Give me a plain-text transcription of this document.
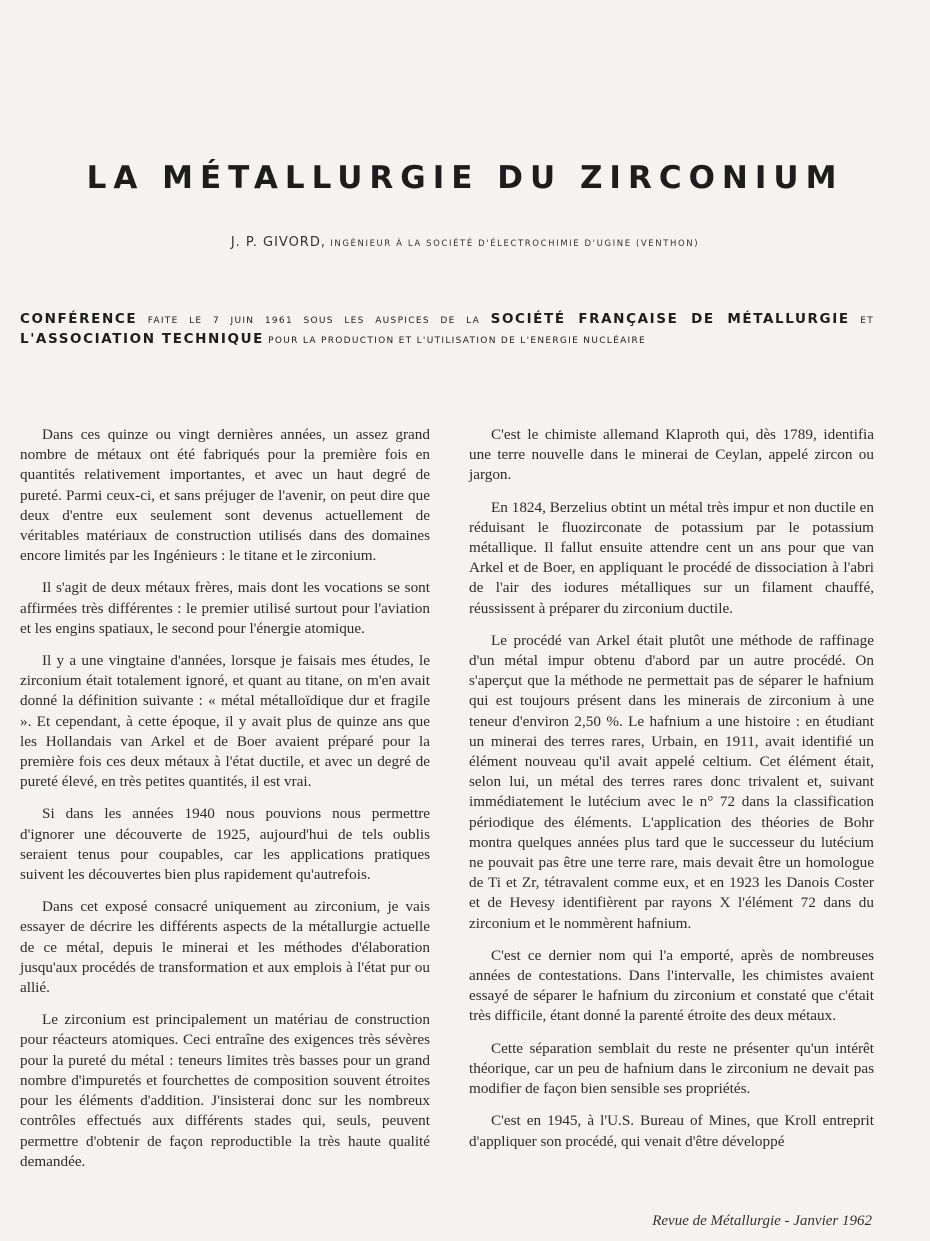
LA MÉTALLURGIE DU ZIRCONIUM
J. P. GIVORD, INGÉNIEUR À LA SOCIÉTÉ D'ÉLECTROCHIMIE D'UGINE (VENTHON)
CONFÉRENCE FAITE LE 7 JUIN 1961 SOUS LES AUSPICES DE LA SOCIÉTÉ FRANÇAISE DE MÉTALLURGIE ET L'ASSOCIATION TECHNIQUE POUR LA PRODUCTION ET L'UTILISATION DE L'ENERGIE NUCLÉAIRE

Dans ces quinze ou vingt dernières années, un assez grand nombre de métaux ont été fabriqués pour la première fois en quantités relativement importantes, et avec un haut degré de pureté. Parmi ceux-ci, et sans préjuger de l'avenir, on peut dire que deux d'entre eux seulement sont devenus actuellement de véritables matériaux de construction utilisés dans des domaines encore limités par les Ingénieurs : le titane et le zirconium.

Il s'agit de deux métaux frères, mais dont les vocations se sont affirmées très différentes : le premier utilisé surtout pour l'aviation et les engins spatiaux, le second pour l'énergie atomique.

Il y a une vingtaine d'années, lorsque je faisais mes études, le zirconium était totalement ignoré, et quant au titane, on m'en avait donné la définition suivante : « métal métalloïdique dur et fragile ». Et cependant, à cette époque, il y avait plus de quinze ans que les Hollandais van Arkel et de Boer avaient préparé pour la première fois ces deux métaux à l'état ductile, et avec un degré de pureté élevé, en très petites quantités, il est vrai.

Si dans les années 1940 nous pouvions nous permettre d'ignorer une découverte de 1925, aujourd'hui de tels oublis seraient tenus pour coupables, car les applications pratiques suivent les découvertes bien plus rapidement qu'autrefois.

Dans cet exposé consacré uniquement au zirconium, je vais essayer de décrire les différents aspects de la métallurgie actuelle de ce métal, depuis le minerai et les méthodes d'élaboration jusqu'aux procédés de transformation et aux emplois à l'état pur ou allié.

Le zirconium est principalement un matériau de construction pour réacteurs atomiques. Ceci entraîne des exigences très sévères pour la pureté du métal : teneurs limites très basses pour un grand nombre d'impuretés et fourchettes de composition souvent étroites pour les éléments d'addition. J'insisterai donc sur les nombreux contrôles effectués aux différents stades qui, seuls, peuvent permettre d'obtenir de façon reproductible la très haute qualité demandée.

C'est le chimiste allemand Klaproth qui, dès 1789, identifia une terre nouvelle dans le minerai de Ceylan, appelé zircon ou jargon.

En 1824, Berzelius obtint un métal très impur et non ductile en réduisant le fluozirconate de potassium par le potassium métallique. Il fallut ensuite attendre cent un ans pour que van Arkel et de Boer, en appliquant le procédé de dissociation à l'abri de l'air des iodures métalliques sur un filament chauffé, réussissent à préparer du zirconium ductile.

Le procédé van Arkel était plutôt une méthode de raffinage d'un métal impur obtenu d'abord par un autre procédé. On s'aperçut que la méthode ne permettait pas de séparer le hafnium qui est toujours présent dans les minerais de zirconium à une teneur d'environ 2,50 %. Le hafnium a une histoire : en étudiant un minerai des terres rares, Urbain, en 1911, avait identifié un élément nouveau qu'il avait appelé celtium. Cet élément était, selon lui, un métal des terres rares donc trivalent et, suivant immédiatement le lutécium avec le n° 72 dans la classification périodique des éléments. L'application des théories de Bohr montra quelques années plus tard que le successeur du lutécium ne pouvait pas être une terre rare, mais devait être un homologue de Ti et Zr, tétravalent comme eux, et en 1923 les Danois Coster et de Hevesy identifièrent par rayons X l'élément 72 dans du zirconium et le nommèrent hafnium.

C'est ce dernier nom qui l'a emporté, après de nombreuses années de contestations. Dans l'intervalle, les chimistes avaient essayé de séparer le hafnium du zirconium et constaté que c'était très difficile, étant donné la parenté étroite des deux métaux.

Cette séparation semblait du reste ne présenter qu'un intérêt théorique, car un peu de hafnium dans le zirconium ne devait pas modifier de façon bien sensible ses propriétés.

C'est en 1945, à l'U.S. Bureau of Mines, que Kroll entreprit d'appliquer son procédé, qui venait d'être développé

Revue de Métallurgie - Janvier 1962
